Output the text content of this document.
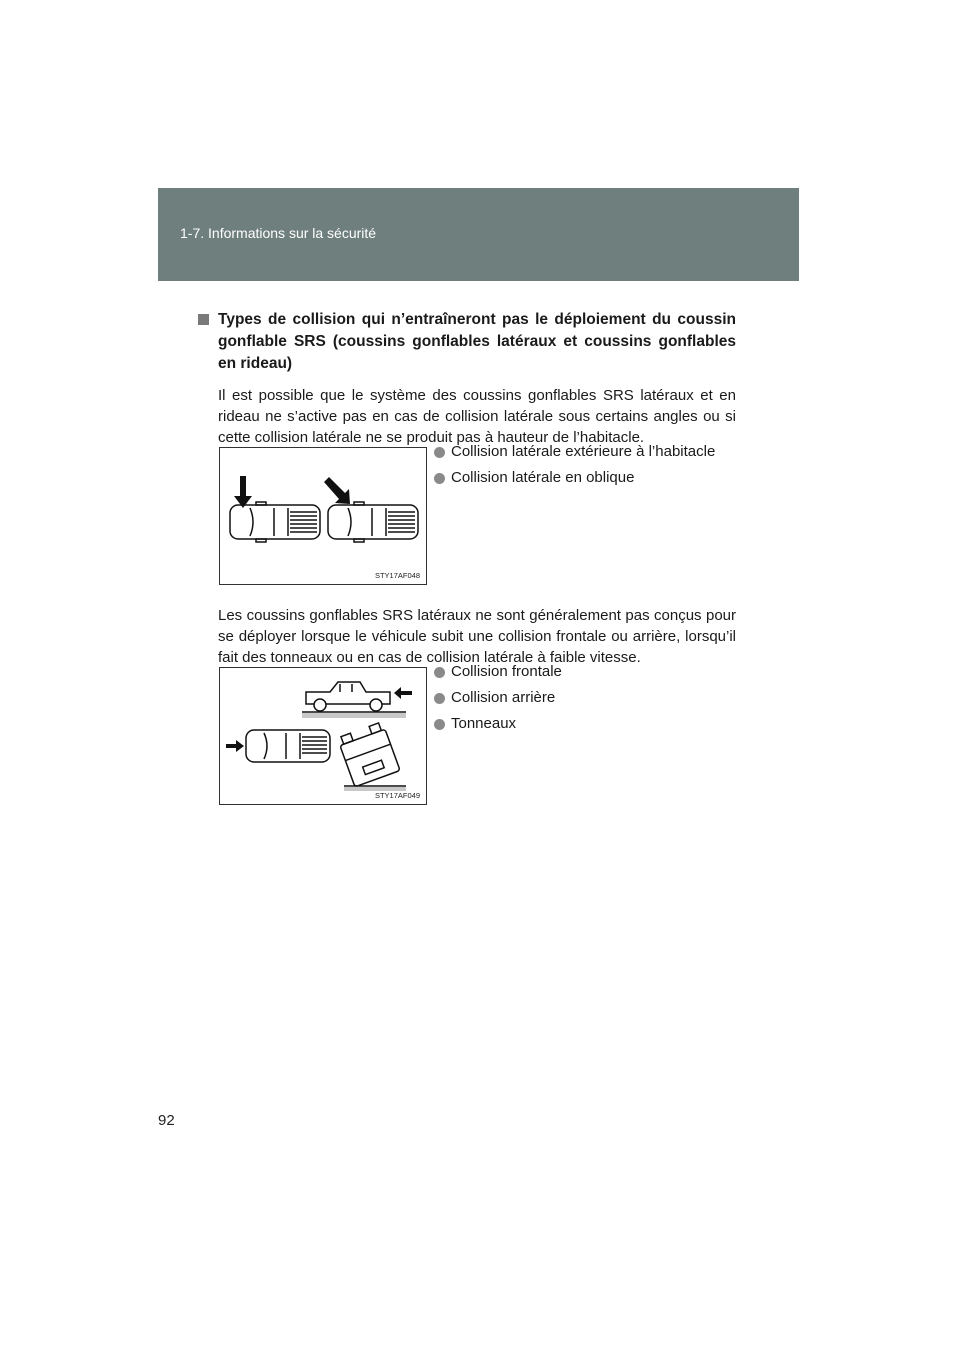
1-7. Informations sur la sécurité
Types de collision qui n’entraîneront pas le déploiement du coussin gonflable SRS (coussins gonflables latéraux et coussins gonflables en rideau)

Il est possible que le système des coussins gonflables SRS latéraux et en rideau ne s’active pas en cas de collision latérale sous certains angles ou si cette collision latérale ne se produit pas à hauteur de l’habitacle.

STY17AF048
Collision latérale extérieure à l’habitacle
Collision latérale en oblique

Les coussins gonflables SRS latéraux ne sont généralement pas conçus pour se déployer lorsque le véhicule subit une collision frontale ou arrière, lorsqu’il fait des tonneaux ou en cas de collision latérale à faible vitesse.

STY17AF049
Collision frontale
Collision arrière
Tonneaux
92
